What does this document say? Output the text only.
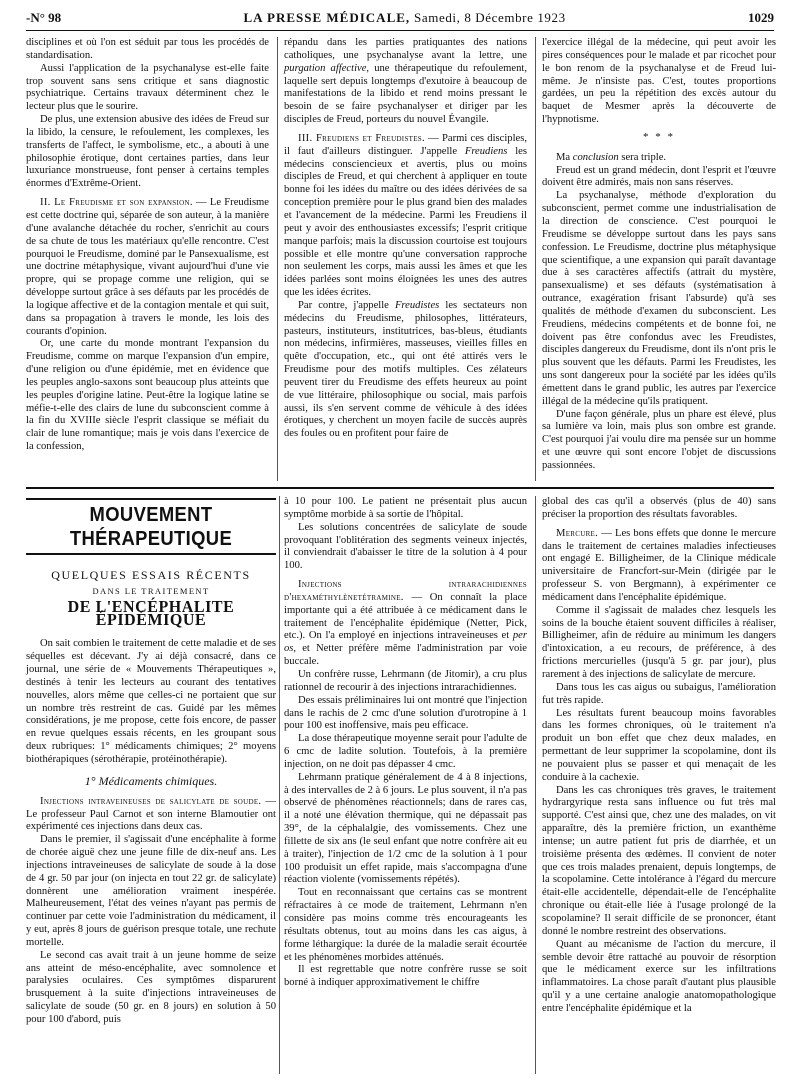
-N° 98	LA PRESSE MÉDICALE, Samedi, 8 Décembre 1923	1029

disciplines et où l'on est séduit par tous les procédés de standardisation.

Aussi l'application de la psychanalyse est-elle faite trop souvent sans sens critique et sans diagnostic psychiatrique. Certains travaux déterminent chez le lecteur plus que le sourire.

De plus, une extension abusive des idées de Freud sur la libido, la censure, le refoulement, les complexes, les transferts de l'affect, le symbolisme, etc., a abouti à une philosophie érotique, dont certaines parties, dans leur luxuriance monstrueuse, font penser à certains temples énormes d'Extrême-Orient.

II. Le Freudisme et son expansion. — Le Freudisme est cette doctrine qui, séparée de son auteur, à la manière d'une avalanche détachée du rocher, s'enrichit au cours de sa chute de tous les matériaux qu'elle rencontre. C'est pourquoi le Freudisme, dominé par le Pansexualisme, est une doctrine métaphysique, vivant aujourd'hui d'une vie propre, qui se propage comme une religion, qui se développe surtout grâce à ses défauts par les procédés de la logique affective et de la contagion mentale et qui suit, dans sa propagation à travers le monde, les lois des courants d'opinion.

Or, une carte du monde montrant l'expansion du Freudisme, comme on marque l'expansion d'un empire, d'une religion ou d'une épidémie, met en évidence que les peuples anglo-saxons sont beaucoup plus atteints que les peuples d'origine latine. Peut-être la logique latine se méfie-t-elle des clairs de lune du subconscient comme à la fin du XVIIIe siècle l'esprit classique se méfiait du clair de lune romantique; mais je vois dans l'exercice de la confession,

répandu dans les parties pratiquantes des nations catholiques, une psychanalyse avant la lettre, une purgation affective, une thérapeutique du refoulement, laquelle sert depuis longtemps d'exutoire à beaucoup de manifestations de la libido et rend moins pressant le besoin de se faire psychanalyser et diriger par les disciples de Freud, porteurs du nouvel Évangile.

III. Freudiens et Freudistes. — Parmi ces disciples, il faut d'ailleurs distinguer. J'appelle Freudiens les médecins consciencieux et avertis, plus ou moins disciples de Freud, et qui cherchent à appliquer en toute bonne foi les idées du maître ou des idées dérivées de sa conception première pour le plus grand bien des malades et l'avancement de la médecine. Parmi les Freudiens il peut y avoir des enthousiastes excessifs; l'esprit critique manque parfois; mais la discussion courtoise est toujours possible et elle montre qu'une conversation rapproche non seulement les corps, mais aussi les âmes et que les idées parlées sont moins éloignées les unes des autres que les idées écrites.

Par contre, j'appelle Freudistes les sectateurs non médecins du Freudisme, philosophes, littérateurs, pasteurs, instituteurs, institutrices, bas-bleus, étudiants non médecins, infirmières, masseuses, vieilles filles en quête d'occupation, etc., qui ont été attirés vers le Freudisme pour des motifs multiples. Ces zélateurs peuvent tirer du Freudisme des effets heureux au point de vue littéraire, philosophique ou social, mais parfois aussi, ils s'en servent comme de véhicule à des idées érotiques, y cherchent un moyen facile de succès auprès des foules ou en profitent pour faire de

l'exercice illégal de la médecine, qui peut avoir les pires conséquences pour le malade et par ricochet pour le bon renom de la psychanalyse et de Freud lui-même. Je n'insiste pas. C'est, toutes proportions gardées, un peu la répétition des excès autour du baquet de Mesmer après la découverte de l'hypnotisme.

* * *

Ma conclusion sera triple.

Freud est un grand médecin, dont l'esprit et l'œuvre doivent être admirés, mais non sans réserves.

La psychanalyse, méthode d'exploration du subconscient, permet comme une industrialisation de la direction de conscience. C'est pourquoi le Freudisme se développe surtout dans les pays sans confession. Le Freudisme, doctrine plus métaphysique que scientifique, a une expansion qui paraît davantage due à ses caractères affectifs (attrait du mystère, pansexualisme) et ses défauts (systématisation à outrance, exagération frisant l'absurde) qu'à ses qualités de méthode d'examen du subconscient. Les Freudiens, médecins compétents et de bonne foi, ne doivent pas être confondus avec les Freudistes, disciples dangereux du Freudisme, dont ils n'ont pris le plus souvent que les défauts. Parmi les Freudistes, les uns sont dangereux pour la société par les idées qu'ils émettent dans le grand public, les autres par l'exercice illégal de la médecine qu'ils pratiquent.

D'une façon générale, plus un phare est élevé, plus sa lumière va loin, mais plus son ombre est grande. C'est pourquoi j'ai voulu dire ma pensée sur un homme et une œuvre qui sont encore l'objet de discussions passionnées.

MOUVEMENT THÉRAPEUTIQUE
QUELQUES ESSAIS RÉCENTS
DANS LE TRAITEMENT
DE L'ENCÉPHALITE ÉPIDÉMIQUE

On sait combien le traitement de cette maladie et de ses séquelles est décevant. J'y ai déjà consacré, dans ce journal, une série de « Mouvements Thérapeutiques », destinés à tenir les lecteurs au courant des tentatives nouvelles, alors même que celles-ci ne portaient que sur un nombre très restreint de cas. Guidé par les mêmes considérations, je me propose, cette fois encore, de passer en revue quelques essais récents, en les groupant sous deux rubriques: 1° médicaments chimiques; 2° moyens biothérapiques (sérothérapie, protéinothérapie).

1° Médicaments chimiques.

Injections intraveineuses de salicylate de soude. — Le professeur Paul Carnot et son interne Blamoutier ont expérimenté ces injections dans deux cas.

Dans le premier, il s'agissait d'une encéphalite à forme de chorée aiguë chez une jeune fille de dix-neuf ans. Les injections intraveineuses de salicylate de soude à la dose de 4 gr. 50 par jour (on injecta en tout 22 gr. de salicylate) donnèrent une amélioration vraiment inespérée. Malheureusement, l'état des veines n'ayant pas permis de continuer par cette voie l'administration du médicament, il y eut, après 8 jours de guérison presque totale, une rechute mortelle.

Le second cas avait trait à un jeune homme de seize ans atteint de méso-encéphalite, avec somnolence et paralysies oculaires. Ces symptômes disparurent brusquement à la suite d'injections intraveineuses de salicylate de soude (50 gr. en 8 jours) en solution à 50 pour 100 d'abord, puis

à 10 pour 100. Le patient ne présentait plus aucun symptôme morbide à sa sortie de l'hôpital.

Les solutions concentrées de salicylate de soude provoquant l'oblitération des segments veineux injectés, il conviendrait d'abaisser le titre de la solution à 4 pour 100.

Injections intrarachidiennes d'hexaméthylènetétramine. — On connaît la place importante qui a été attribuée à ce médicament dans le traitement de l'encéphalite épidémique (Netter, Pick, etc.). On l'a employé en injections intraveineuses et per os, et Netter préfère même l'administration par voie buccale.

Un confrère russe, Lehrmann (de Jitomir), a cru plus rationnel de recourir à des injections intrarachidiennes.

Des essais préliminaires lui ont montré que l'injection dans le rachis de 2 cmc d'une solution d'urotropine à 1 pour 100 est inoffensive, mais peu efficace.

La dose thérapeutique moyenne serait pour l'adulte de 6 cmc de ladite solution. Toutefois, à la première injection, on ne doit pas dépasser 4 cmc.

Lehrmann pratique généralement de 4 à 8 injections, à des intervalles de 2 à 6 jours. Le plus souvent, il n'a pas observé de phénomènes réactionnels; dans de rares cas, il a noté une élévation thermique, qui ne dépassait pas 39°, de la céphalalgie, des vomissements. Chez une fillette de six ans (le seul enfant que notre confrère ait eu à traiter), l'injection de 1/2 cmc de la solution à 1 pour 100 produisit un effet rapide, mais s'accompagna d'une réaction violente (vomissements répétés).

Tout en reconnaissant que certains cas se montrent réfractaires à ce mode de traitement, Lehrmann n'en considère pas moins comme très encourageants les résultats obtenus, tout au moins dans les cas aigus, à forme léthargique: la durée de la maladie serait écourtée et les phénomènes morbides atténués.

Il est regrettable que notre confrère russe se soit borné à indiquer approximativement le chiffre

global des cas qu'il a observés (plus de 40) sans préciser la proportion des résultats favorables.

Mercure. — Les bons effets que donne le mercure dans le traitement de certaines maladies infectieuses ont engagé E. Billigheimer, de la Clinique médicale universitaire de Francfort-sur-Mein (dirigée par le professeur S. von Bergmann), à expérimenter ce médicament dans l'encéphalite épidémique.

Comme il s'agissait de malades chez lesquels les soins de la bouche étaient souvent difficiles à réaliser, Billigheimer, afin de réduire au minimum les dangers d'intoxication, a eu recours, de préférence, à des frictions mercurielles (jusqu'à 5 gr. par jour), plus rarement à des injections de salicylate de mercure.

Dans tous les cas aigus ou subaigus, l'amélioration fut très rapide.

Les résultats furent beaucoup moins favorables dans les formes chroniques, où le traitement n'a produit un bon effet que chez deux malades, en permettant de leur supprimer la scopolamine, dont ils ne pouvaient plus se passer et qui menaçait de les conduire à la cachexie.

Dans les cas chroniques très graves, le traitement hydrargyrique resta sans influence ou fut très mal supporté. C'est ainsi que, chez une des malades, on vit apparaître, dès la première friction, un exanthème intense; un autre patient fut pris de diarrhée, et un troisième présenta des œdèmes. Il convient de noter que ces trois malades prenaient, depuis longtemps, de la scopolamine. Cette intolérance à l'égard du mercure était-elle accidentelle, dépendait-elle de l'encéphalite chronique ou était-elle liée à l'usage prolongé de la scopolamine? Il serait difficile de se prononcer, étant donné le nombre restreint des observations.

Quant au mécanisme de l'action du mercure, il semble devoir être rattaché au pouvoir de résorption que le médicament exerce sur les infiltrations inflammatoires. La chose paraît d'autant plus plausible qu'il y a une certaine analogie anatomopathologique entre l'encéphalite épidémique et la
